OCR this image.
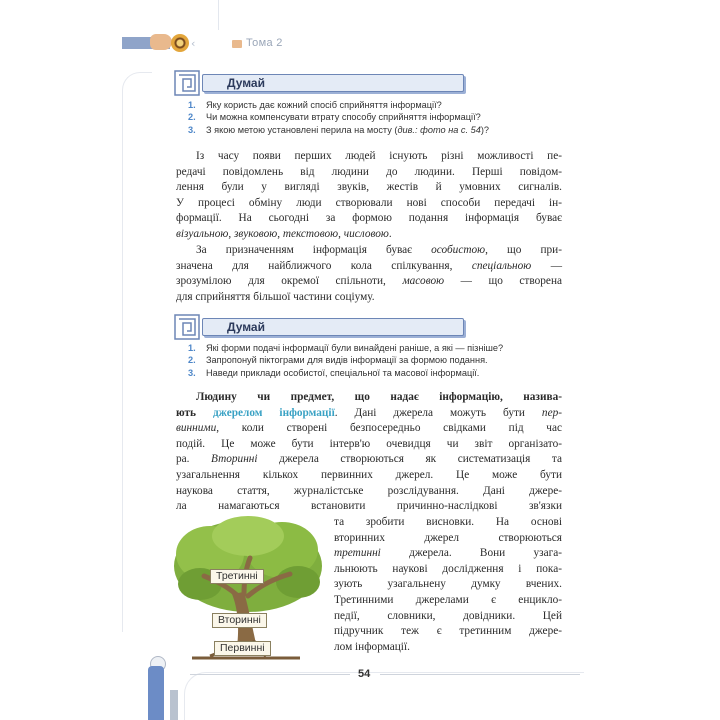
‹	Тома 2
Думай
1. Яку користь дає кожний спосіб сприйняття інформації?
2. Чи можна компенсувати втрату способу сприйняття інформації?
3. З якою метою установлені перила на мосту (див.: фото на с. 54)?
Із часу появи перших людей існують різні можливості пе-
редачі повідомлень від людини до людини. Перші повідом-
лення були у вигляді звуків, жестів й умовних сигналів.
У процесі обміну люди створювали нові способи передачі ін-
формації. На сьогодні за формою подання інформація буває
візуальною, звуковою, текстовою, числовою.
За призначенням інформація буває особистою, що при-
значена для найближчого кола спілкування, спеціальною —
зрозумілою для окремої спільноти, масовою — що створена
для сприйняття більшої частини соціуму.
Думай
1. Які форми подачі інформації були винайдені раніше, а які — пізніше?
2. Запропонуй піктограми для видів інформації за формою подання.
3. Наведи приклади особистої, спеціальної та масової інформації.
Людину чи предмет, що надає інформацію, назива-
ють джерелом інформації. Дані джерела можуть бути пер-
винними, коли створені безпосередньо свідками під час
подій. Це може бути інтерв'ю очевидця чи звіт організато-
ра. Вторинні джерела створюються як систематизація та
узагальнення кількох первинних джерел. Це може бути
наукова стаття, журналістське розслідування. Дані джере-
ла намагаються встановити причинно-наслідкові зв'язки
та зробити висновки. На основі
вторинних джерел створюються
третинні джерела. Вони узага-
льнюють наукові дослідження і пока-
зують узагальнену думку вчених.
Третинними джерелами є енцикло-
педії, словники, довідники. Цей
підручник теж є третинним джере-
лом інформації.
Третинні
Вторинні
Первинні
54
